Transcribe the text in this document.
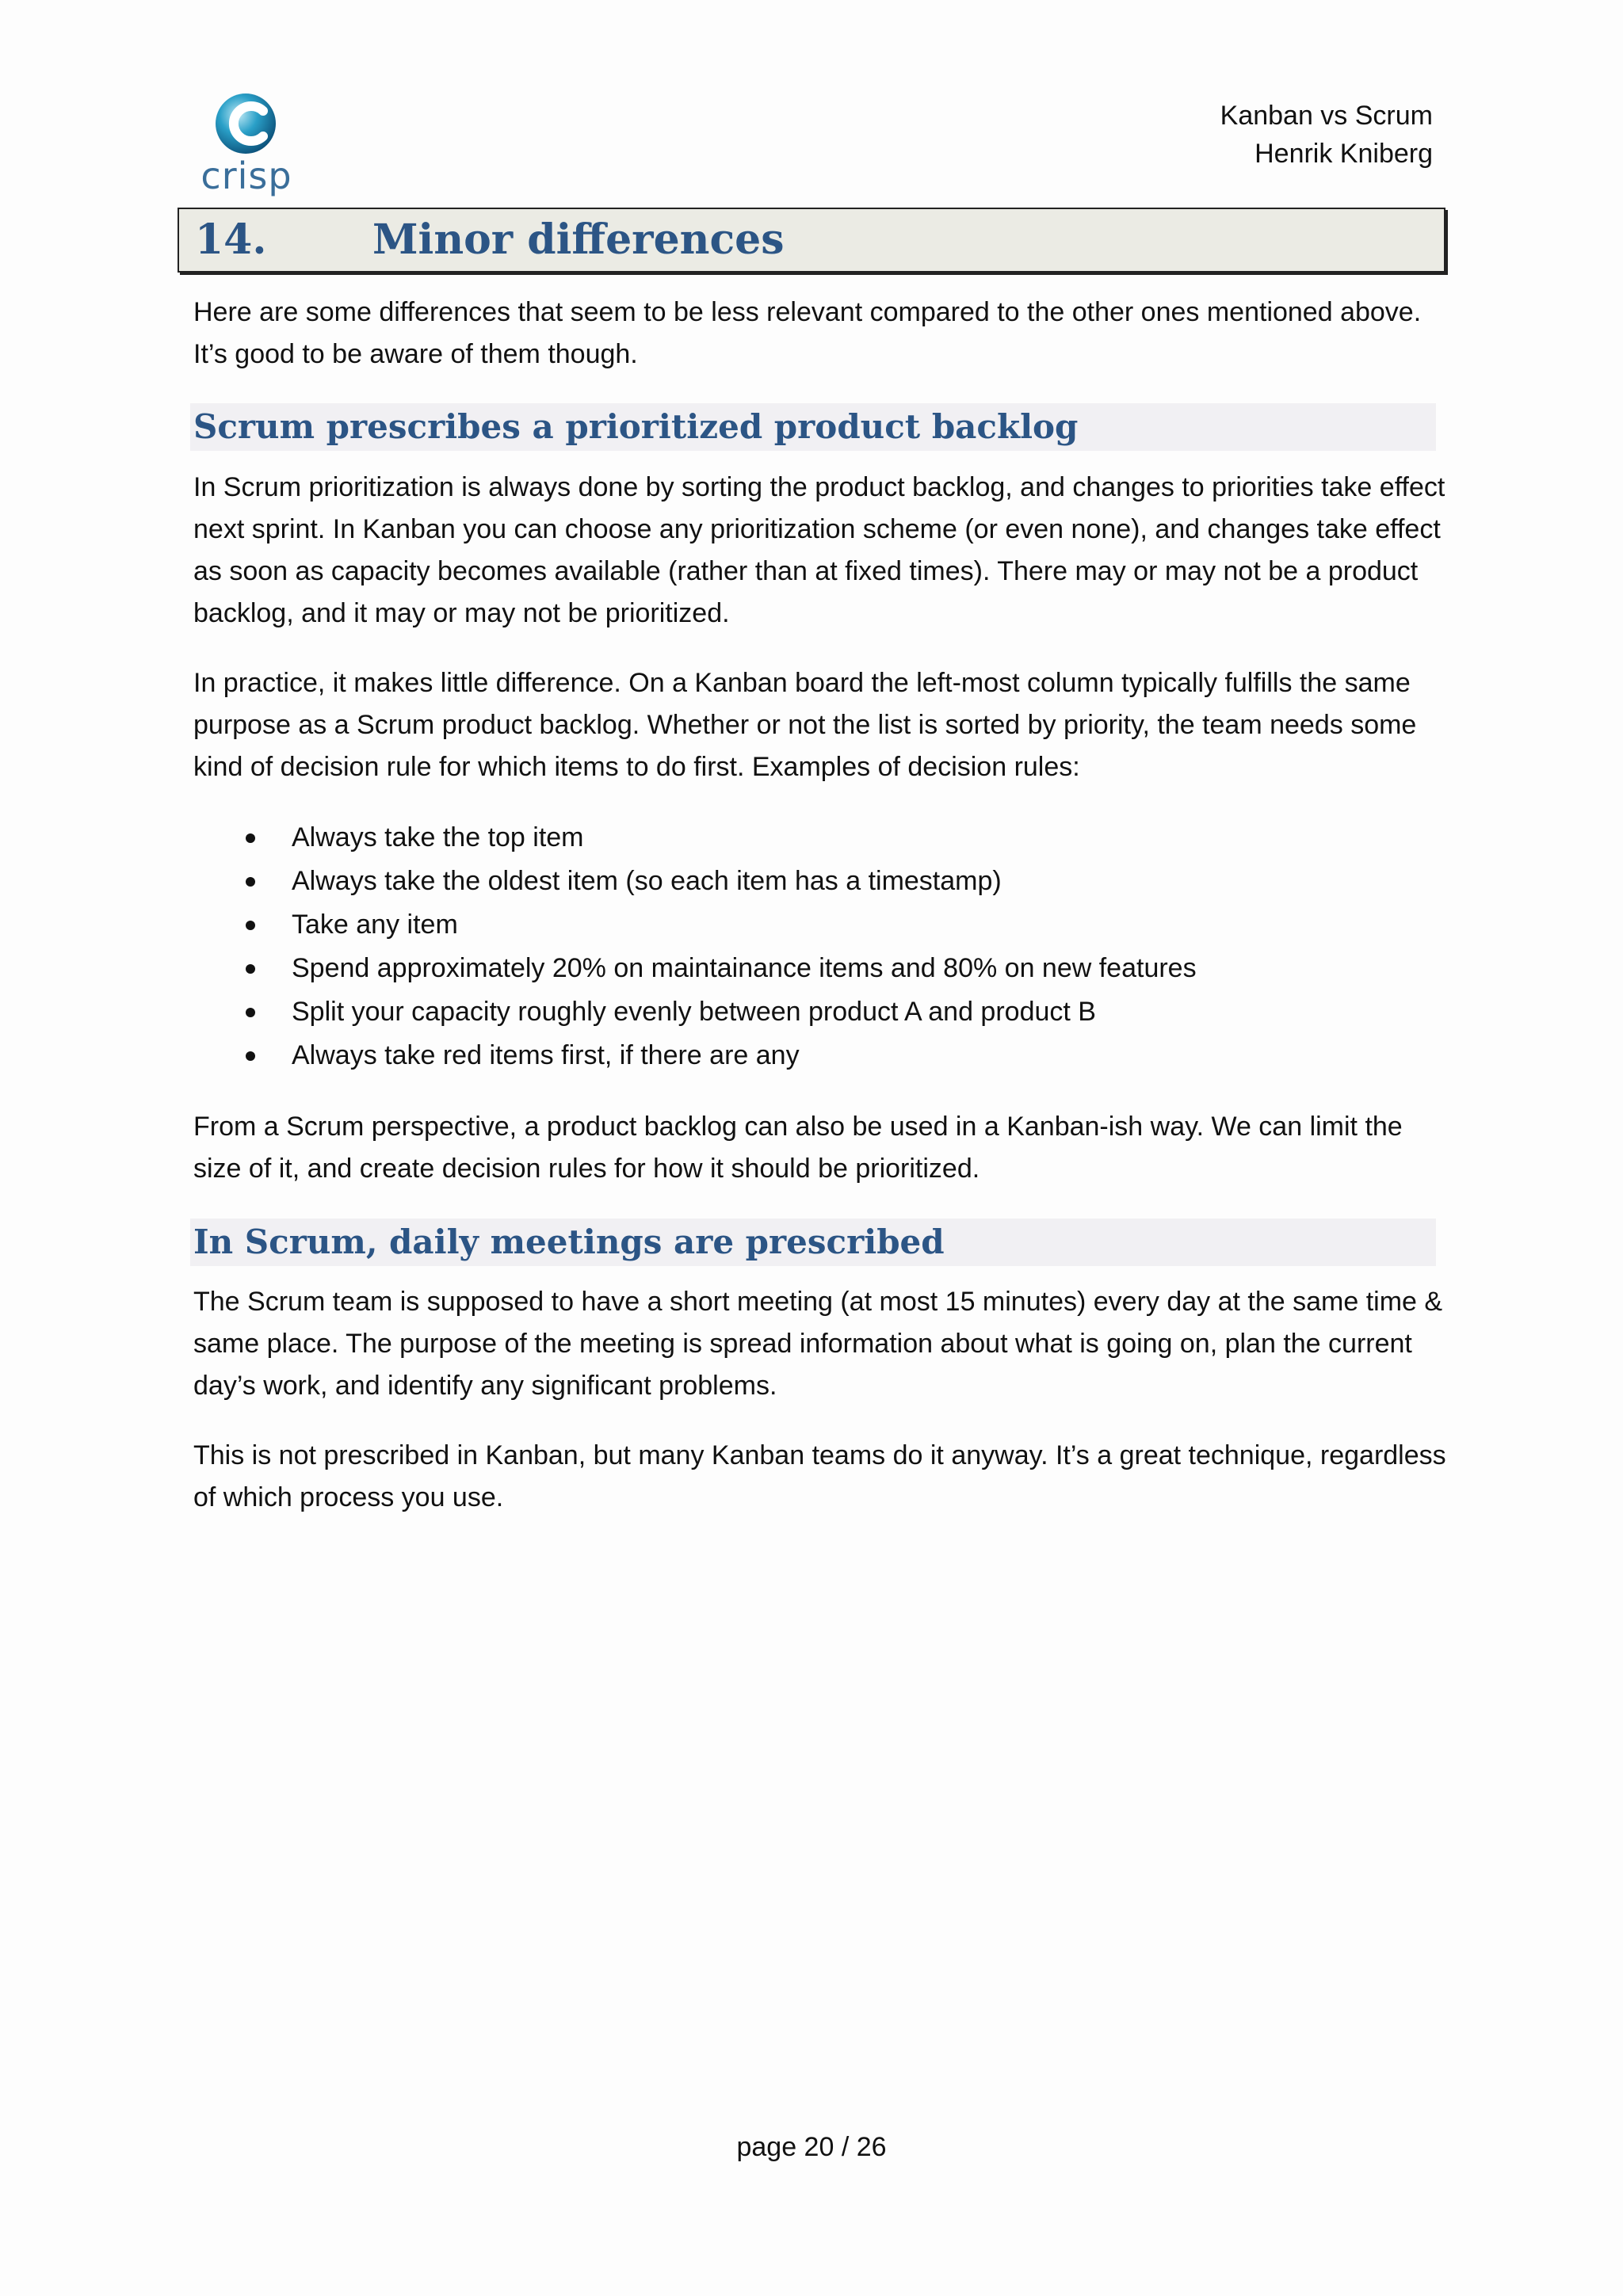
crisp
Kanban vs Scrum
Henrik Kniberg
14.	Minor differences

Here are some differences that seem to be less relevant compared to the other ones mentioned above. It’s good to be aware of them though.

Scrum prescribes a prioritized product backlog

In Scrum prioritization is always done by sorting the product backlog, and changes to priorities take effect next sprint. In Kanban you can choose any prioritization scheme (or even none), and changes take effect as soon as capacity becomes available (rather than at fixed times). There may or may not be a product backlog, and it may or may not be prioritized.

In practice, it makes little difference. On a Kanban board the left-most column typically fulfills the same purpose as a Scrum product backlog. Whether or not the list is sorted by priority, the team needs some kind of decision rule for which items to do first. Examples of decision rules:

Always take the top item
Always take the oldest item (so each item has a timestamp)
Take any item
Spend approximately 20% on maintainance items and 80% on new features
Split your capacity roughly evenly between product A and product B
Always take red items first, if there are any

From a Scrum perspective, a product backlog can also be used in a Kanban-ish way. We can limit the size of it, and create decision rules for how it should be prioritized.

In Scrum, daily meetings are prescribed

The Scrum team is supposed to have a short meeting (at most 15 minutes) every day at the same time & same place. The purpose of the meeting is spread information about what is going on, plan the current day’s work, and identify any significant problems.

This is not prescribed in Kanban, but many Kanban teams do it anyway. It’s a great technique, regardless of which process you use.

page 20 / 26
